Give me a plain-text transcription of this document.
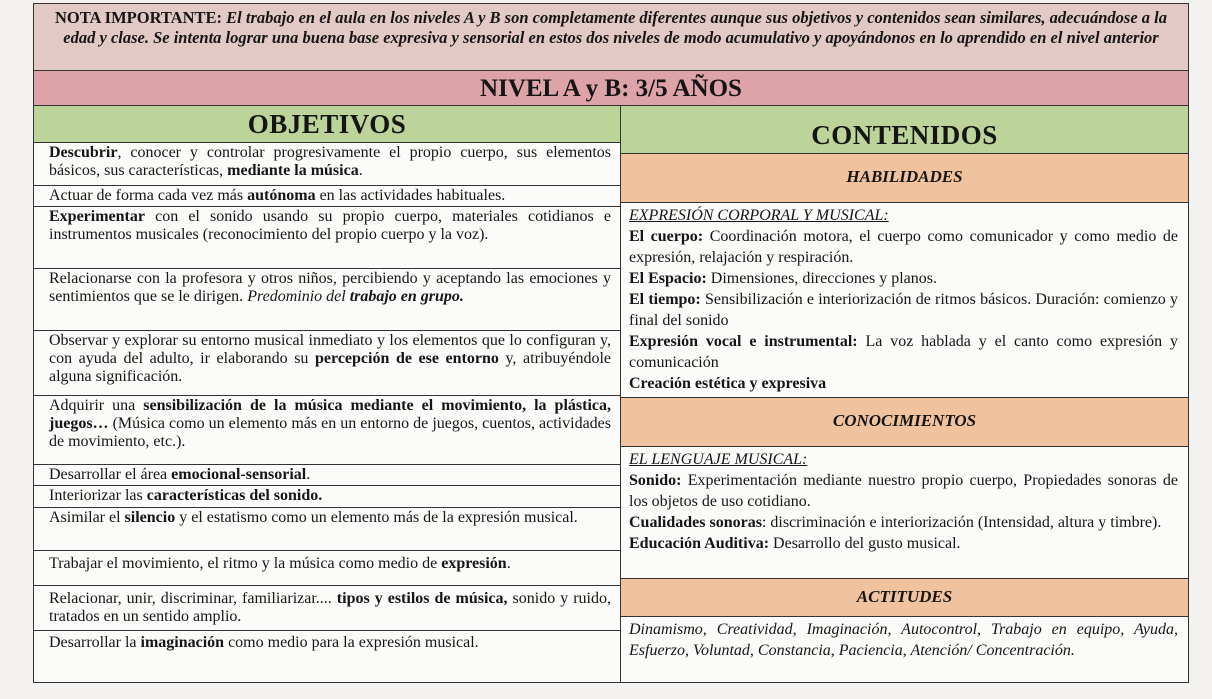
NOTA IMPORTANTE: El trabajo en el aula en los niveles A y B son completamente diferentes aunque sus objetivos y contenidos sean similares, adecuándose a la edad y clase. Se intenta lograr una buena base expresiva y sensorial en estos dos niveles de modo acumulativo y apoyándonos en lo aprendido en el nivel anterior
NIVEL A y B: 3/5 AÑOS
OBJETIVOS
Descubrir, conocer y controlar progresivamente el propio cuerpo, sus elementos básicos, sus características, mediante la música.
Actuar de forma cada vez más autónoma en las actividades habituales.
Experimentar con el sonido usando su propio cuerpo, materiales cotidianos e instrumentos musicales (reconocimiento del propio cuerpo y la voz).
Relacionarse con la profesora y otros niños, percibiendo y aceptando las emociones y sentimientos que se le dirigen. Predominio del trabajo en grupo.
Observar y explorar su entorno musical inmediato y los elementos que lo configuran y, con ayuda del adulto, ir elaborando su percepción de ese entorno y, atribuyéndole alguna significación.
Adquirir una sensibilización de la música mediante el movimiento, la plástica, juegos… (Música como un elemento más en un entorno de juegos, cuentos, actividades de movimiento, etc.).
Desarrollar el área emocional-sensorial.
Interiorizar las características del sonido.
Asimilar el silencio y el estatismo como un elemento más de la expresión musical.
Trabajar el movimiento, el ritmo y la música como medio de expresión.
Relacionar, unir, discriminar, familiarizar.... tipos y estilos de música, sonido y ruido, tratados en un sentido amplio.
Desarrollar la imaginación como medio para la expresión musical.
CONTENIDOS
HABILIDADES
EXPRESIÓN CORPORAL Y MUSICAL:
El cuerpo: Coordinación motora, el cuerpo como comunicador y como medio de expresión, relajación y respiración.
El Espacio: Dimensiones, direcciones y planos.
El tiempo: Sensibilización e interiorización de ritmos básicos. Duración: comienzo y final del sonido
Expresión vocal e instrumental: La voz hablada y el canto como expresión y comunicación
Creación estética y expresiva
CONOCIMIENTOS
EL LENGUAJE MUSICAL:
Sonido: Experimentación mediante nuestro propio cuerpo, Propiedades sonoras de los objetos de uso cotidiano.
Cualidades sonoras: discriminación e interiorización (Intensidad, altura y timbre).
Educación Auditiva: Desarrollo del gusto musical.
ACTITUDES
Dinamismo, Creatividad, Imaginación, Autocontrol, Trabajo en equipo, Ayuda, Esfuerzo, Voluntad, Constancia, Paciencia, Atención/ Concentración.
